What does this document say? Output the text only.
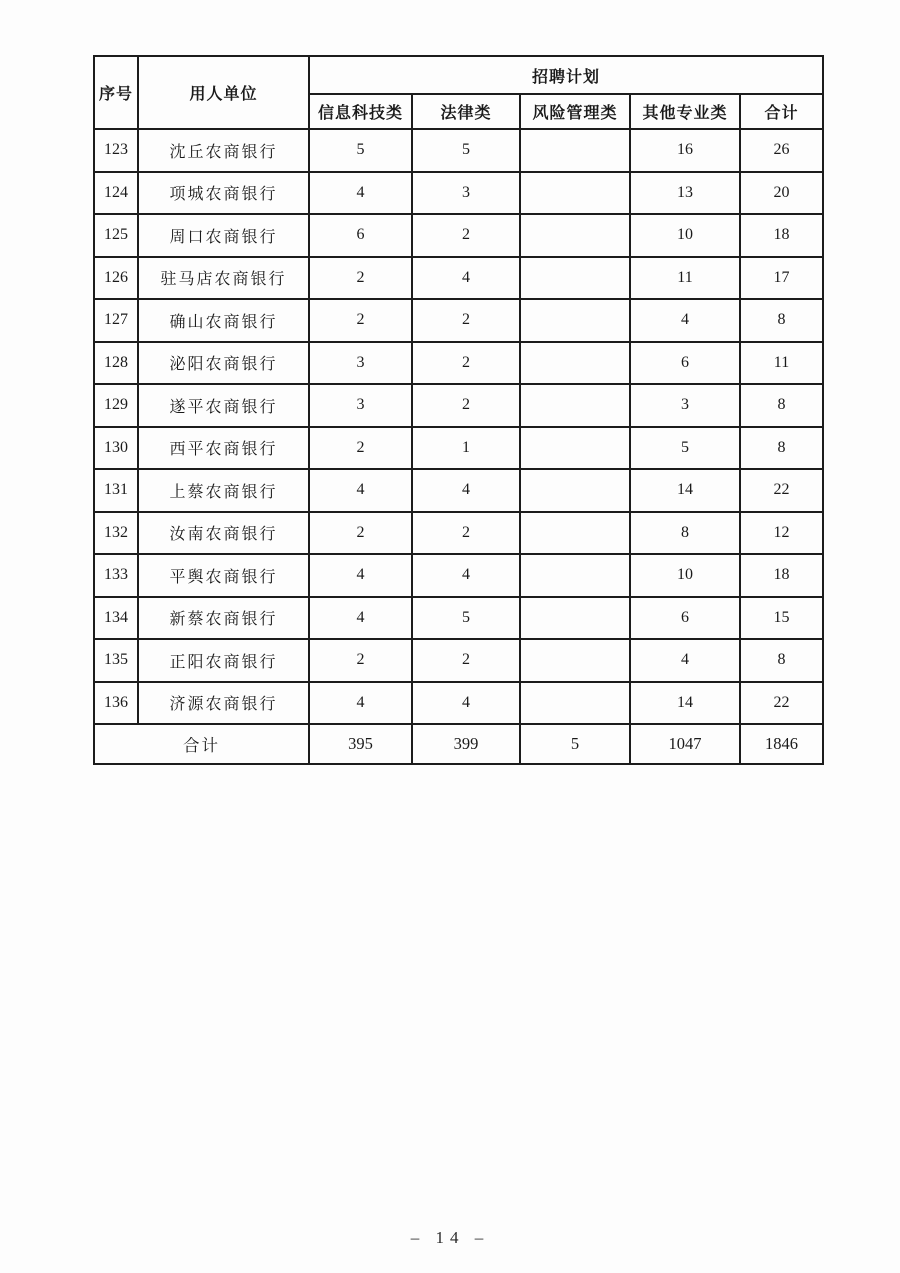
序号	用人单位	招聘计划				
		信息科技类	法律类	风险管理类	其他专业类	合计
123	沈丘农商银行	5	5		16	26
124	项城农商银行	4	3		13	20
125	周口农商银行	6	2		10	18
126	驻马店农商银行	2	4		11	17
127	确山农商银行	2	2		4	8
128	泌阳农商银行	3	2		6	11
129	遂平农商银行	3	2		3	8
130	西平农商银行	2	1		5	8
131	上蔡农商银行	4	4		14	22
132	汝南农商银行	2	2		8	12
133	平舆农商银行	4	4		10	18
134	新蔡农商银行	4	5		6	15
135	正阳农商银行	2	2		4	8
136	济源农商银行	4	4		14	22
合计		395	399	5	1047	1846
– 14 –
